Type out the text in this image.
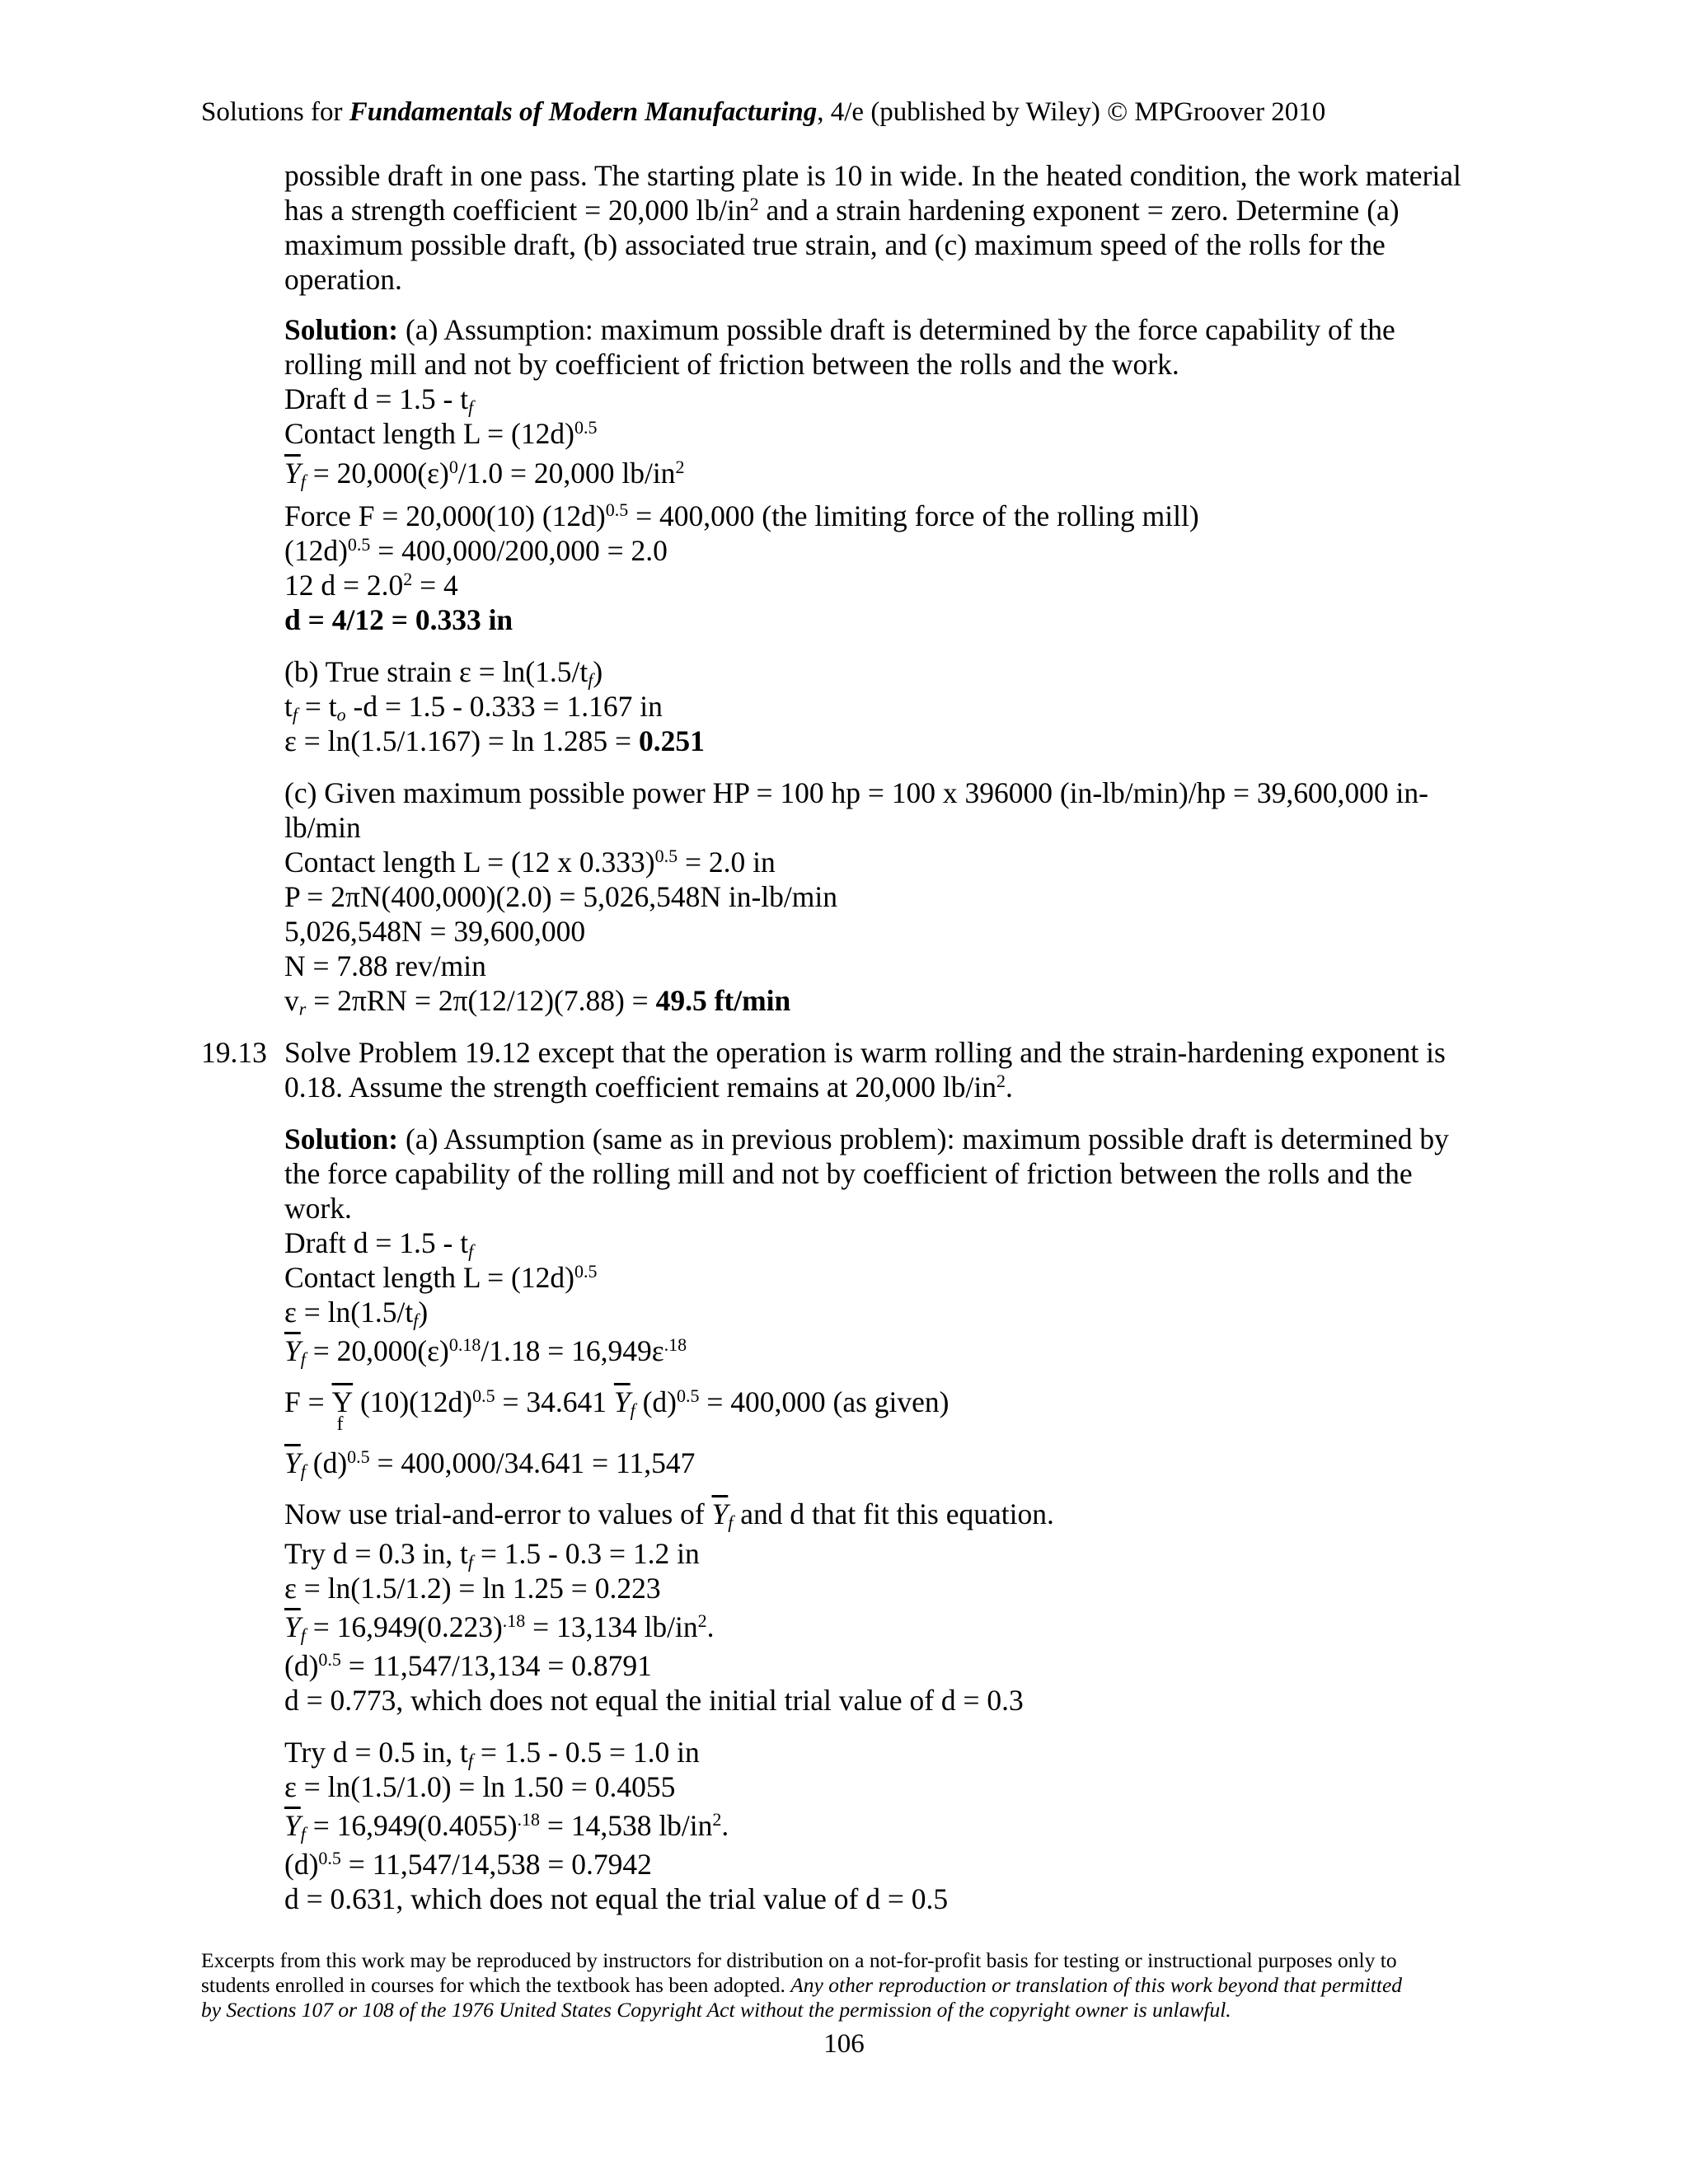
Solutions for Fundamentals of Modern Manufacturing, 4/e (published by Wiley) © MPGroover 2010
possible draft in one pass. The starting plate is 10 in wide. In the heated condition, the work material
has a strength coefficient = 20,000 $lb/in^2$ and a strain hardening exponent = zero. Determine (a)
maximum possible draft, (b) associated true strain, and (c) maximum speed of the rolls for the
operation.
Solution: (a) Assumption: maximum possible draft is determined by the force capability of the
rolling mill and not by coefficient of friction between the rolls and the work.
Draft $d = 1.5 - t_f$
Contact length $L = (12d)^{0.5}$
$\overline{Y}_f = 20,000(\varepsilon)^0/1.0 = 20,000$ $lb/in^2$
Force F = 20,000(10) $(12d)^{0.5} = 400,000$ (the limiting force of the rolling mill)
$(12d)^{0.5} = 400,000/200,000 = 2.0$
12 $d = 2.0^2 = 4$
d = 4/12 = 0.333 in
(b) True strain $\varepsilon = \ln(1.5/t_f)$
$t_f = t_o$ -d = 1.5 - 0.333 = 1.167 in
ε = ln(1.5/1.167) = ln 1.285 = 0.251
(c) Given maximum possible power HP = 100 hp = 100 x 396000 (in-lb/min)/hp = 39,600,000 in-
lb/min
Contact length L = (12 x 0.333)$^{0.5}$ = 2.0 in
P = 2πN(400,000)(2.0) = 5,026,548N in-lb/min
5,026,548N = 39,600,000
N = 7.88 rev/min
$v_r = 2\pi RN = 2\pi(12/12)(7.88) = 49.5$ ft/min
19.13 Solve Problem 19.12 except that the operation is warm rolling and the strain-hardening exponent is
0.18. Assume the strength coefficient remains at 20,000 $lb/in^2$.
Solution: (a) Assumption (same as in previous problem): maximum possible draft is determined by
the force capability of the rolling mill and not by coefficient of friction between the rolls and the
work.
Draft $d = 1.5 - t_f$
Contact length $L = (12d)^{0.5}$
$\varepsilon = \ln(1.5/t_f)$
$\overline{Y}_f = 20,000(\varepsilon)^{0.18}/1.18 = 16,949\varepsilon^{.18}$
$F = \overline{Y}$
f
$(10)(12d)^{0.5} = 34.641$ $\overline{Y}_f$ $(d)^{0.5} = 400,000$ (as given)
$\overline{Y}_f$ $(d)^{0.5} = 400,000/34.641 = 11,547$
Now use trial-and-error to values of $\overline{Y}_f$ and d that fit this equation.
Try d = 0.3 in, $t_f = 1.5 - 0.3 = 1.2$ in
ε = ln(1.5/1.2) = ln 1.25 = 0.223
$\overline{Y}_f = 16,949(0.223)^{.18} = 13,134$ $lb/in^2$.
$(d)^{0.5} = 11,547/13,134 = 0.8791$
d = 0.773, which does not equal the initial trial value of d = 0.3
Try d = 0.5 in, $t_f = 1.5 - 0.5 = 1.0$ in
ε = ln(1.5/1.0) = ln 1.50 = 0.4055
$\overline{Y}_f = 16,949(0.4055)^{.18} = 14,538$ $lb/in^2$.
$(d)^{0.5} = 11,547/14,538 = 0.7942$
d = 0.631, which does not equal the trial value of d = 0.5
Excerpts from this work may be reproduced by instructors for distribution on a not-for-profit basis for testing or instructional purposes only to
students enrolled in courses for which the textbook has been adopted. Any other reproduction or translation of this work beyond that permitted
by Sections 107 or 108 of the 1976 United States Copyright Act without the permission of the copyright owner is unlawful.
106
